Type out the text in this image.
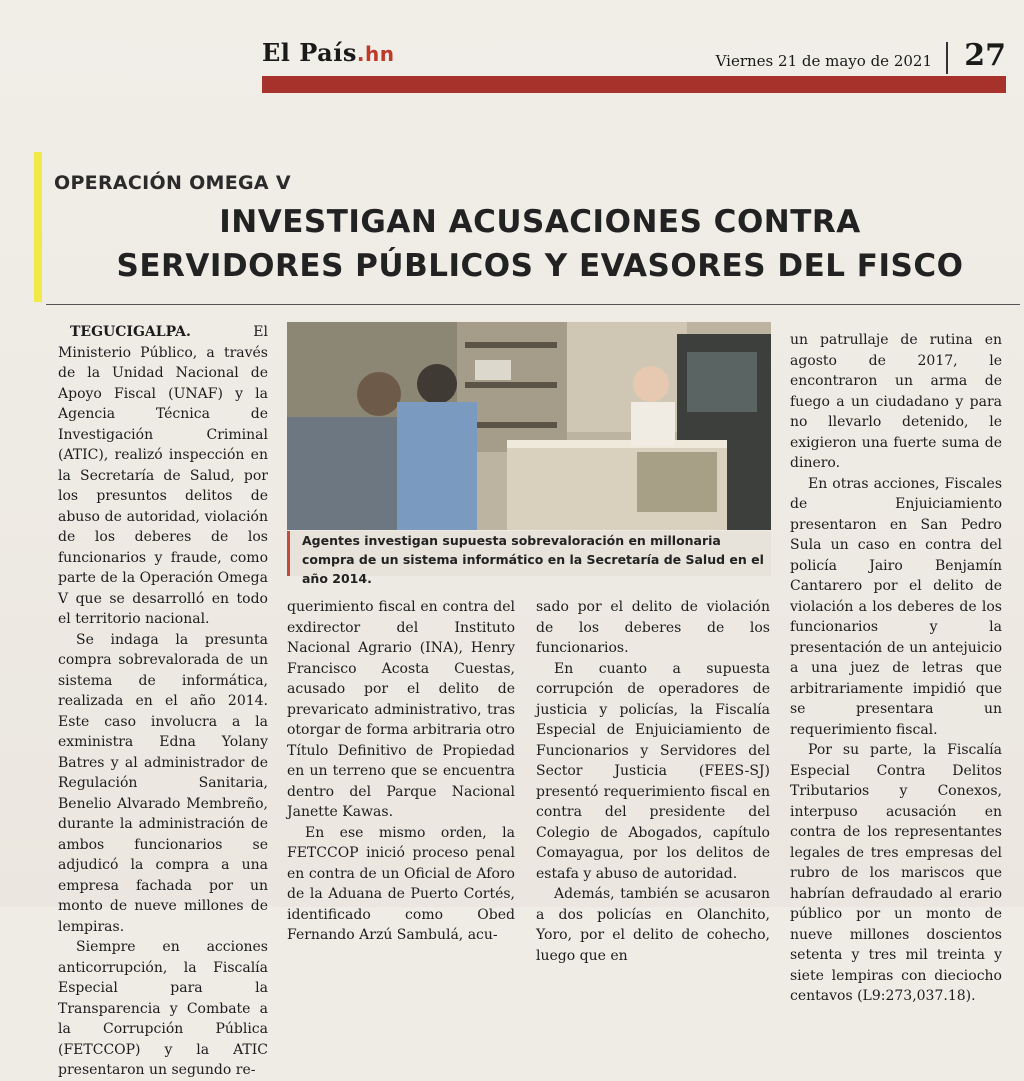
El País.hn	Viernes 21 de mayo de 2021 27
OPERACIÓN OMEGA V
INVESTIGAN ACUSACIONES CONTRA
SERVIDORES PÚBLICOS Y EVASORES DEL FISCO

TEGUCIGALPA.	El Ministerio Público, a través de la Unidad Nacional de Apoyo Fiscal (UNAF) y la Agencia Técnica de Investigación Criminal (ATIC), realizó inspección en la Secretaría de Salud, por los presuntos delitos de abuso de autoridad, violación de los deberes de los funcionarios y fraude, como parte de la Operación Omega V que se desarrolló en todo el territorio nacional.

Se indaga la presunta compra sobrevalorada de un sistema de informática, realizada en el año 2014. Este caso involucra a la exministra Edna Yolany Batres y al administrador de Regulación Sanitaria, Benelio Alvarado Membreño, durante la administración de ambos funcionarios se adjudicó la compra a una empresa fachada por un monto de nueve millones de lempiras.

Siempre en acciones anticorrupción, la Fiscalía Especial para la Transparencia y Combate a la Corrupción Pública (FETCCOP) y la ATIC presentaron un segundo re-

Agentes investigan supuesta sobrevaloración en millonaria compra de un sistema informático en la Secretaría de Salud en el año 2014.

querimiento fiscal en contra del exdirector del Instituto Nacional Agrario (INA), Henry Francisco Acosta Cuestas, acusado por el delito de prevaricato administrativo, tras otorgar de forma arbitraria otro Título Definitivo de Propiedad en un terreno que se encuentra dentro del Parque Nacional Janette Kawas.

En ese mismo orden, la FETCCOP inició proceso penal en contra de un Oficial de Aforo de la Aduana de Puerto Cortés, identificado como Obed Fernando Arzú Sambulá, acu-

sado por el delito de violación de los deberes de los funcionarios.

En cuanto a supuesta corrupción de operadores de justicia y policías, la Fiscalía Especial de Enjuiciamiento de Funcionarios y Servidores del Sector Justicia (FEES-SJ) presentó requerimiento fiscal en contra del presidente del Colegio de Abogados, capítulo Comayagua, por los delitos de estafa y abuso de autoridad.

Además, también se acusaron a dos policías en Olanchito, Yoro, por el delito de cohecho, luego que en

un patrullaje de rutina en agosto de 2017, le encontraron un arma de fuego a un ciudadano y para no llevarlo detenido, le exigieron una fuerte suma de dinero.

En otras acciones, Fiscales de Enjuiciamiento presentaron en San Pedro Sula un caso en contra del policía Jairo Benjamín Cantarero por el delito de violación a los deberes de los funcionarios y la presentación de un antejuicio a una juez de letras que arbitrariamente impidió que se presentara un requerimiento fiscal.

Por su parte, la Fiscalía Especial Contra Delitos Tributarios y Conexos, interpuso acusación en contra de los representantes legales de tres empresas del rubro de los mariscos que habrían defraudado al erario público por un monto de nueve millones doscientos setenta y tres mil treinta y siete lempiras con dieciocho centavos (L9:273,037.18).
